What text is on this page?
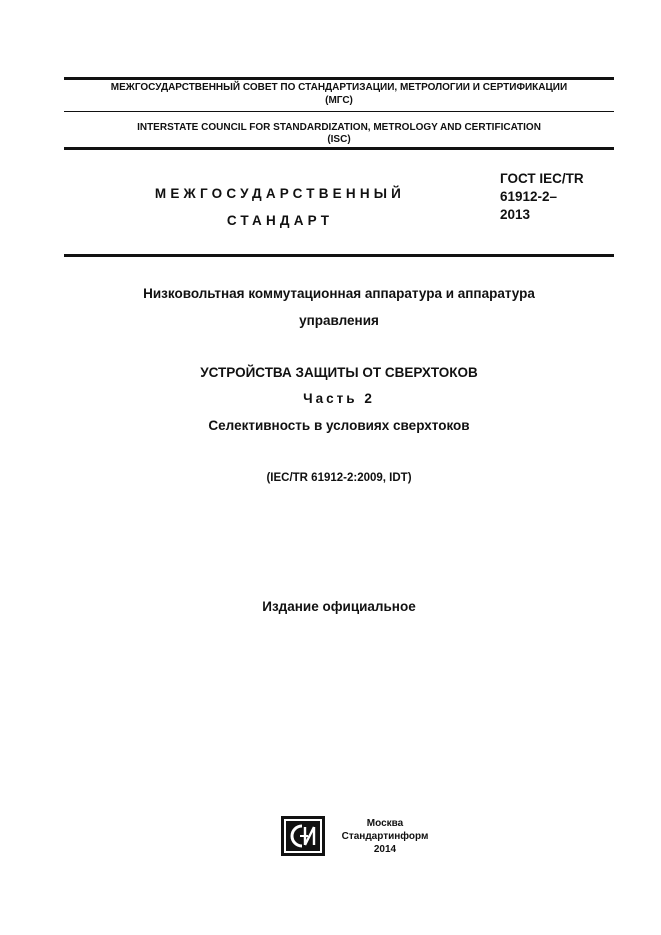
МЕЖГОСУДАРСТВЕННЫЙ СОВЕТ ПО СТАНДАРТИЗАЦИИ, МЕТРОЛОГИИ И СЕРТИФИКАЦИИ
(МГС)
INTERSTATE COUNCIL FOR STANDARDIZATION, METROLOGY AND CERTIFICATION
(ISC)
МЕЖГОСУДАРСТВЕННЫЙ
СТАНДАРТ
ГОСТ IEC/TR
61912-2–
2013
Низковольтная коммутационная аппаратура и аппаратура
управления
УСТРОЙСТВА ЗАЩИТЫ ОТ СВЕРХТОКОВ
Часть 2
Селективность в условиях сверхтоков
(IEC/TR 61912-2:2009, IDT)
Издание официальное
Москва
Стандартинформ
2014
